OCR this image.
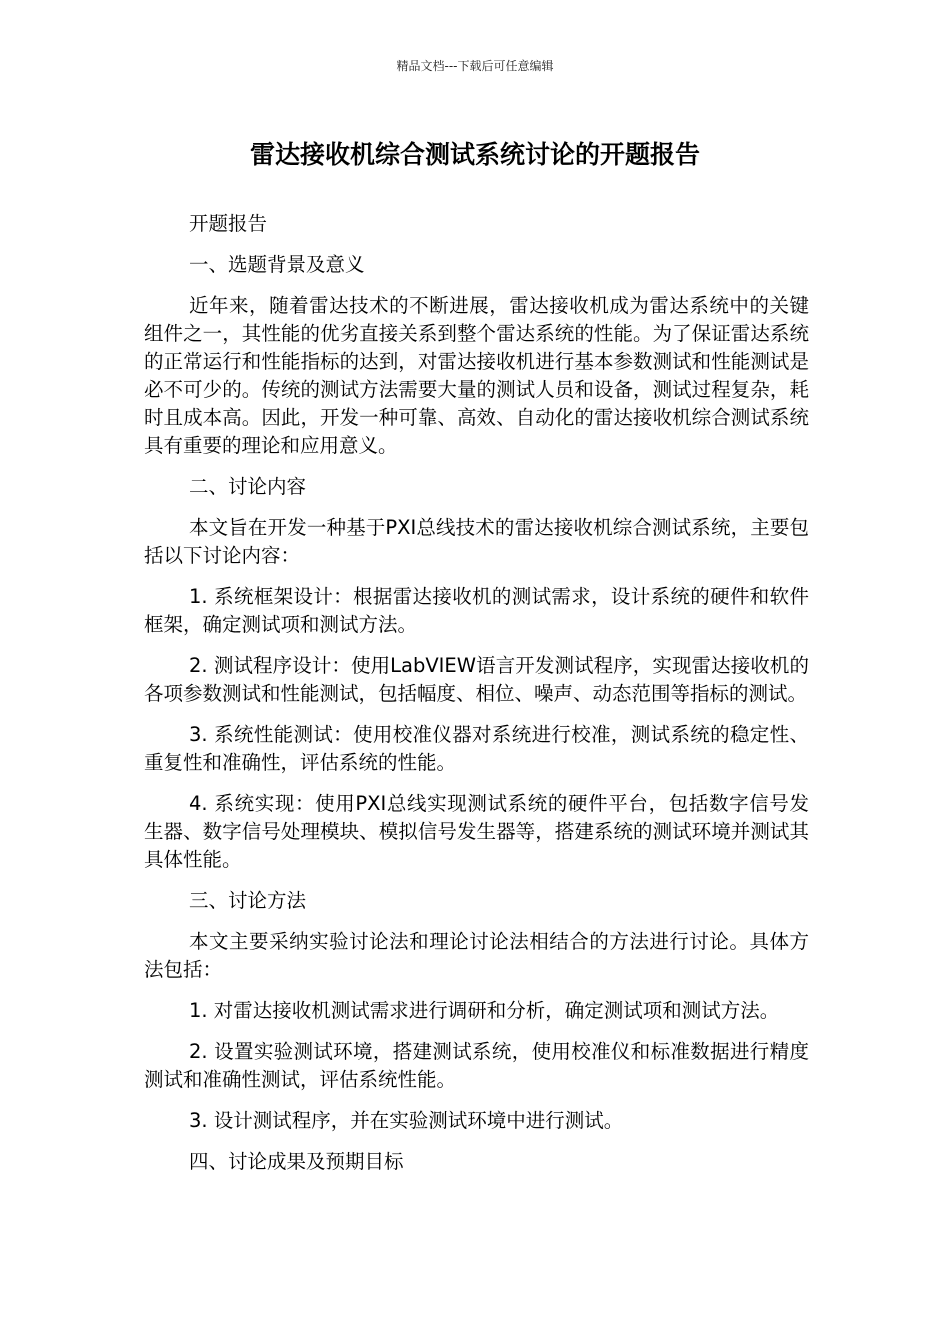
精品文档---下载后可任意编辑
雷达接收机综合测试系统讨论的开题报告

开题报告

一、选题背景及意义

近年来，随着雷达技术的不断进展，雷达接收机成为雷达系统中的关键组件之一，其性能的优劣直接关系到整个雷达系统的性能。为了保证雷达系统的正常运行和性能指标的达到，对雷达接收机进行基本参数测试和性能测试是必不可少的。传统的测试方法需要大量的测试人员和设备，测试过程复杂，耗时且成本高。因此，开发一种可靠、高效、自动化的雷达接收机综合测试系统具有重要的理论和应用意义。

二、讨论内容

本文旨在开发一种基于PXI总线技术的雷达接收机综合测试系统，主要包括以下讨论内容：

1. 系统框架设计：根据雷达接收机的测试需求，设计系统的硬件和软件框架，确定测试项和测试方法。

2. 测试程序设计：使用LabVIEW语言开发测试程序，实现雷达接收机的各项参数测试和性能测试，包括幅度、相位、噪声、动态范围等指标的测试。

3. 系统性能测试：使用校准仪器对系统进行校准，测试系统的稳定性、重复性和准确性，评估系统的性能。

4. 系统实现：使用PXI总线实现测试系统的硬件平台，包括数字信号发生器、数字信号处理模块、模拟信号发生器等，搭建系统的测试环境并测试其具体性能。

三、讨论方法

本文主要采纳实验讨论法和理论讨论法相结合的方法进行讨论。具体方法包括：

1. 对雷达接收机测试需求进行调研和分析，确定测试项和测试方法。

2. 设置实验测试环境，搭建测试系统，使用校准仪和标准数据进行精度测试和准确性测试，评估系统性能。

3. 设计测试程序，并在实验测试环境中进行测试。

四、讨论成果及预期目标
